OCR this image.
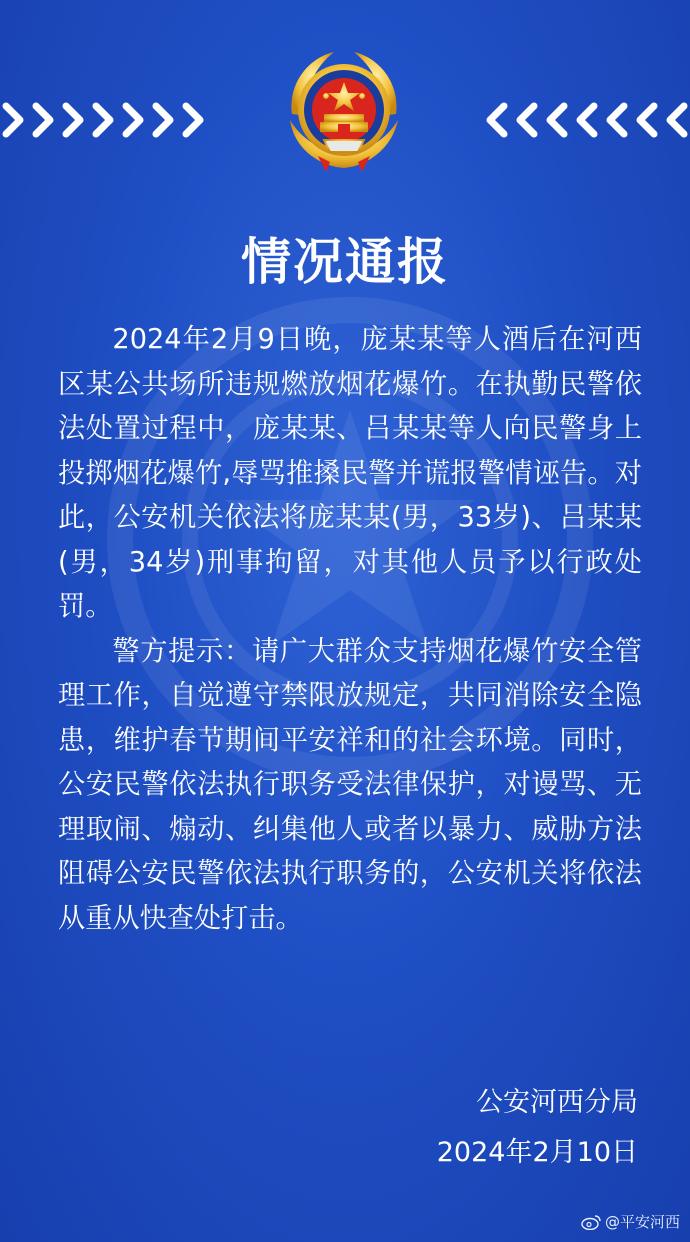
情况通报

2024年2月9日晚，庞某某等人酒后在河西区某公共场所违规燃放烟花爆竹。在执勤民警依法处置过程中，庞某某、吕某某等人向民警身上投掷烟花爆竹,辱骂推搡民警并谎报警情诬告。对此，公安机关依法将庞某某(男，33岁)、吕某某(男，34岁)刑事拘留，对其他人员予以行政处罚。

警方提示：请广大群众支持烟花爆竹安全管理工作，自觉遵守禁限放规定，共同消除安全隐患，维护春节期间平安祥和的社会环境。同时，公安民警依法执行职务受法律保护，对谩骂、无理取闹、煽动、纠集他人或者以暴力、威胁方法阻碍公安民警依法执行职务的，公安机关将依法从重从快查处打击。

公安河西分局
2024年2月10日
@平安河西
